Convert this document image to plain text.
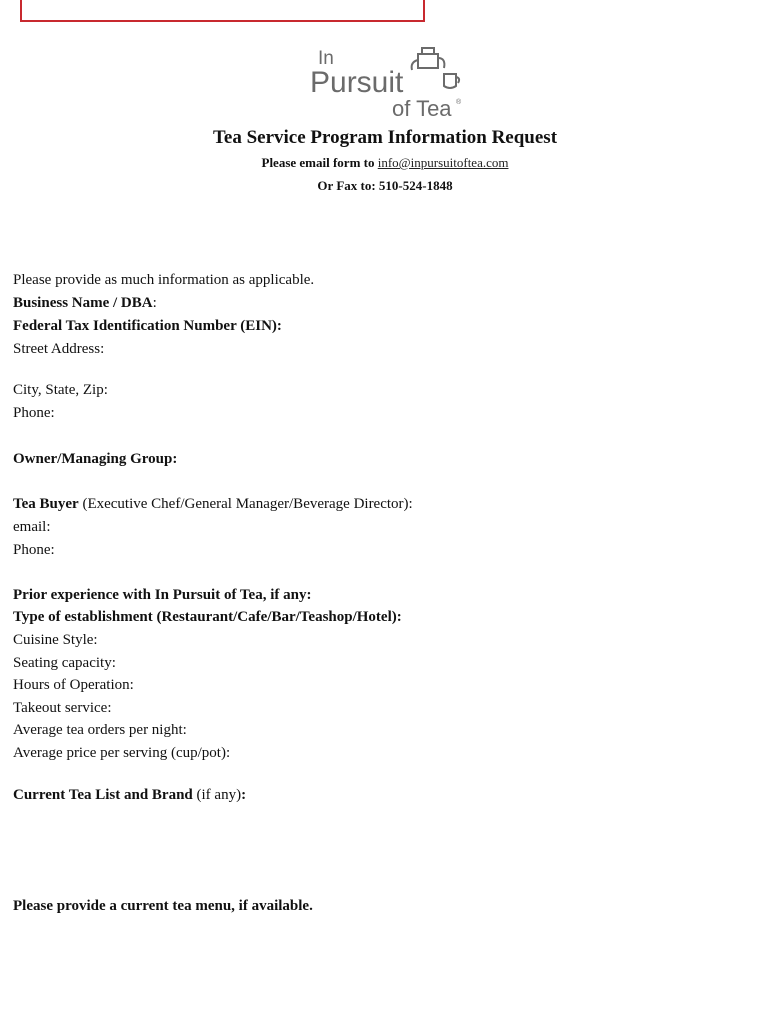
In
Pursuit
of Tea ®
Tea Service Program Information Request
Please email form to info@inpursuitoftea.com
Or Fax to: 510-524-1848
Please provide as much information as applicable.
Business Name / DBA:
Federal Tax Identification Number (EIN):
Street Address:
City, State, Zip:
Phone:
Owner/Managing Group:
Tea Buyer (Executive Chef/General Manager/Beverage Director):
email:
Phone:
Prior experience with In Pursuit of Tea, if any:
Type of establishment (Restaurant/Cafe/Bar/Teashop/Hotel):
Cuisine Style:
Seating capacity:
Hours of Operation:
Takeout service:
Average tea orders per night:
Average price per serving (cup/pot):
Current Tea List and Brand (if any):
Please provide a current tea menu, if available.
